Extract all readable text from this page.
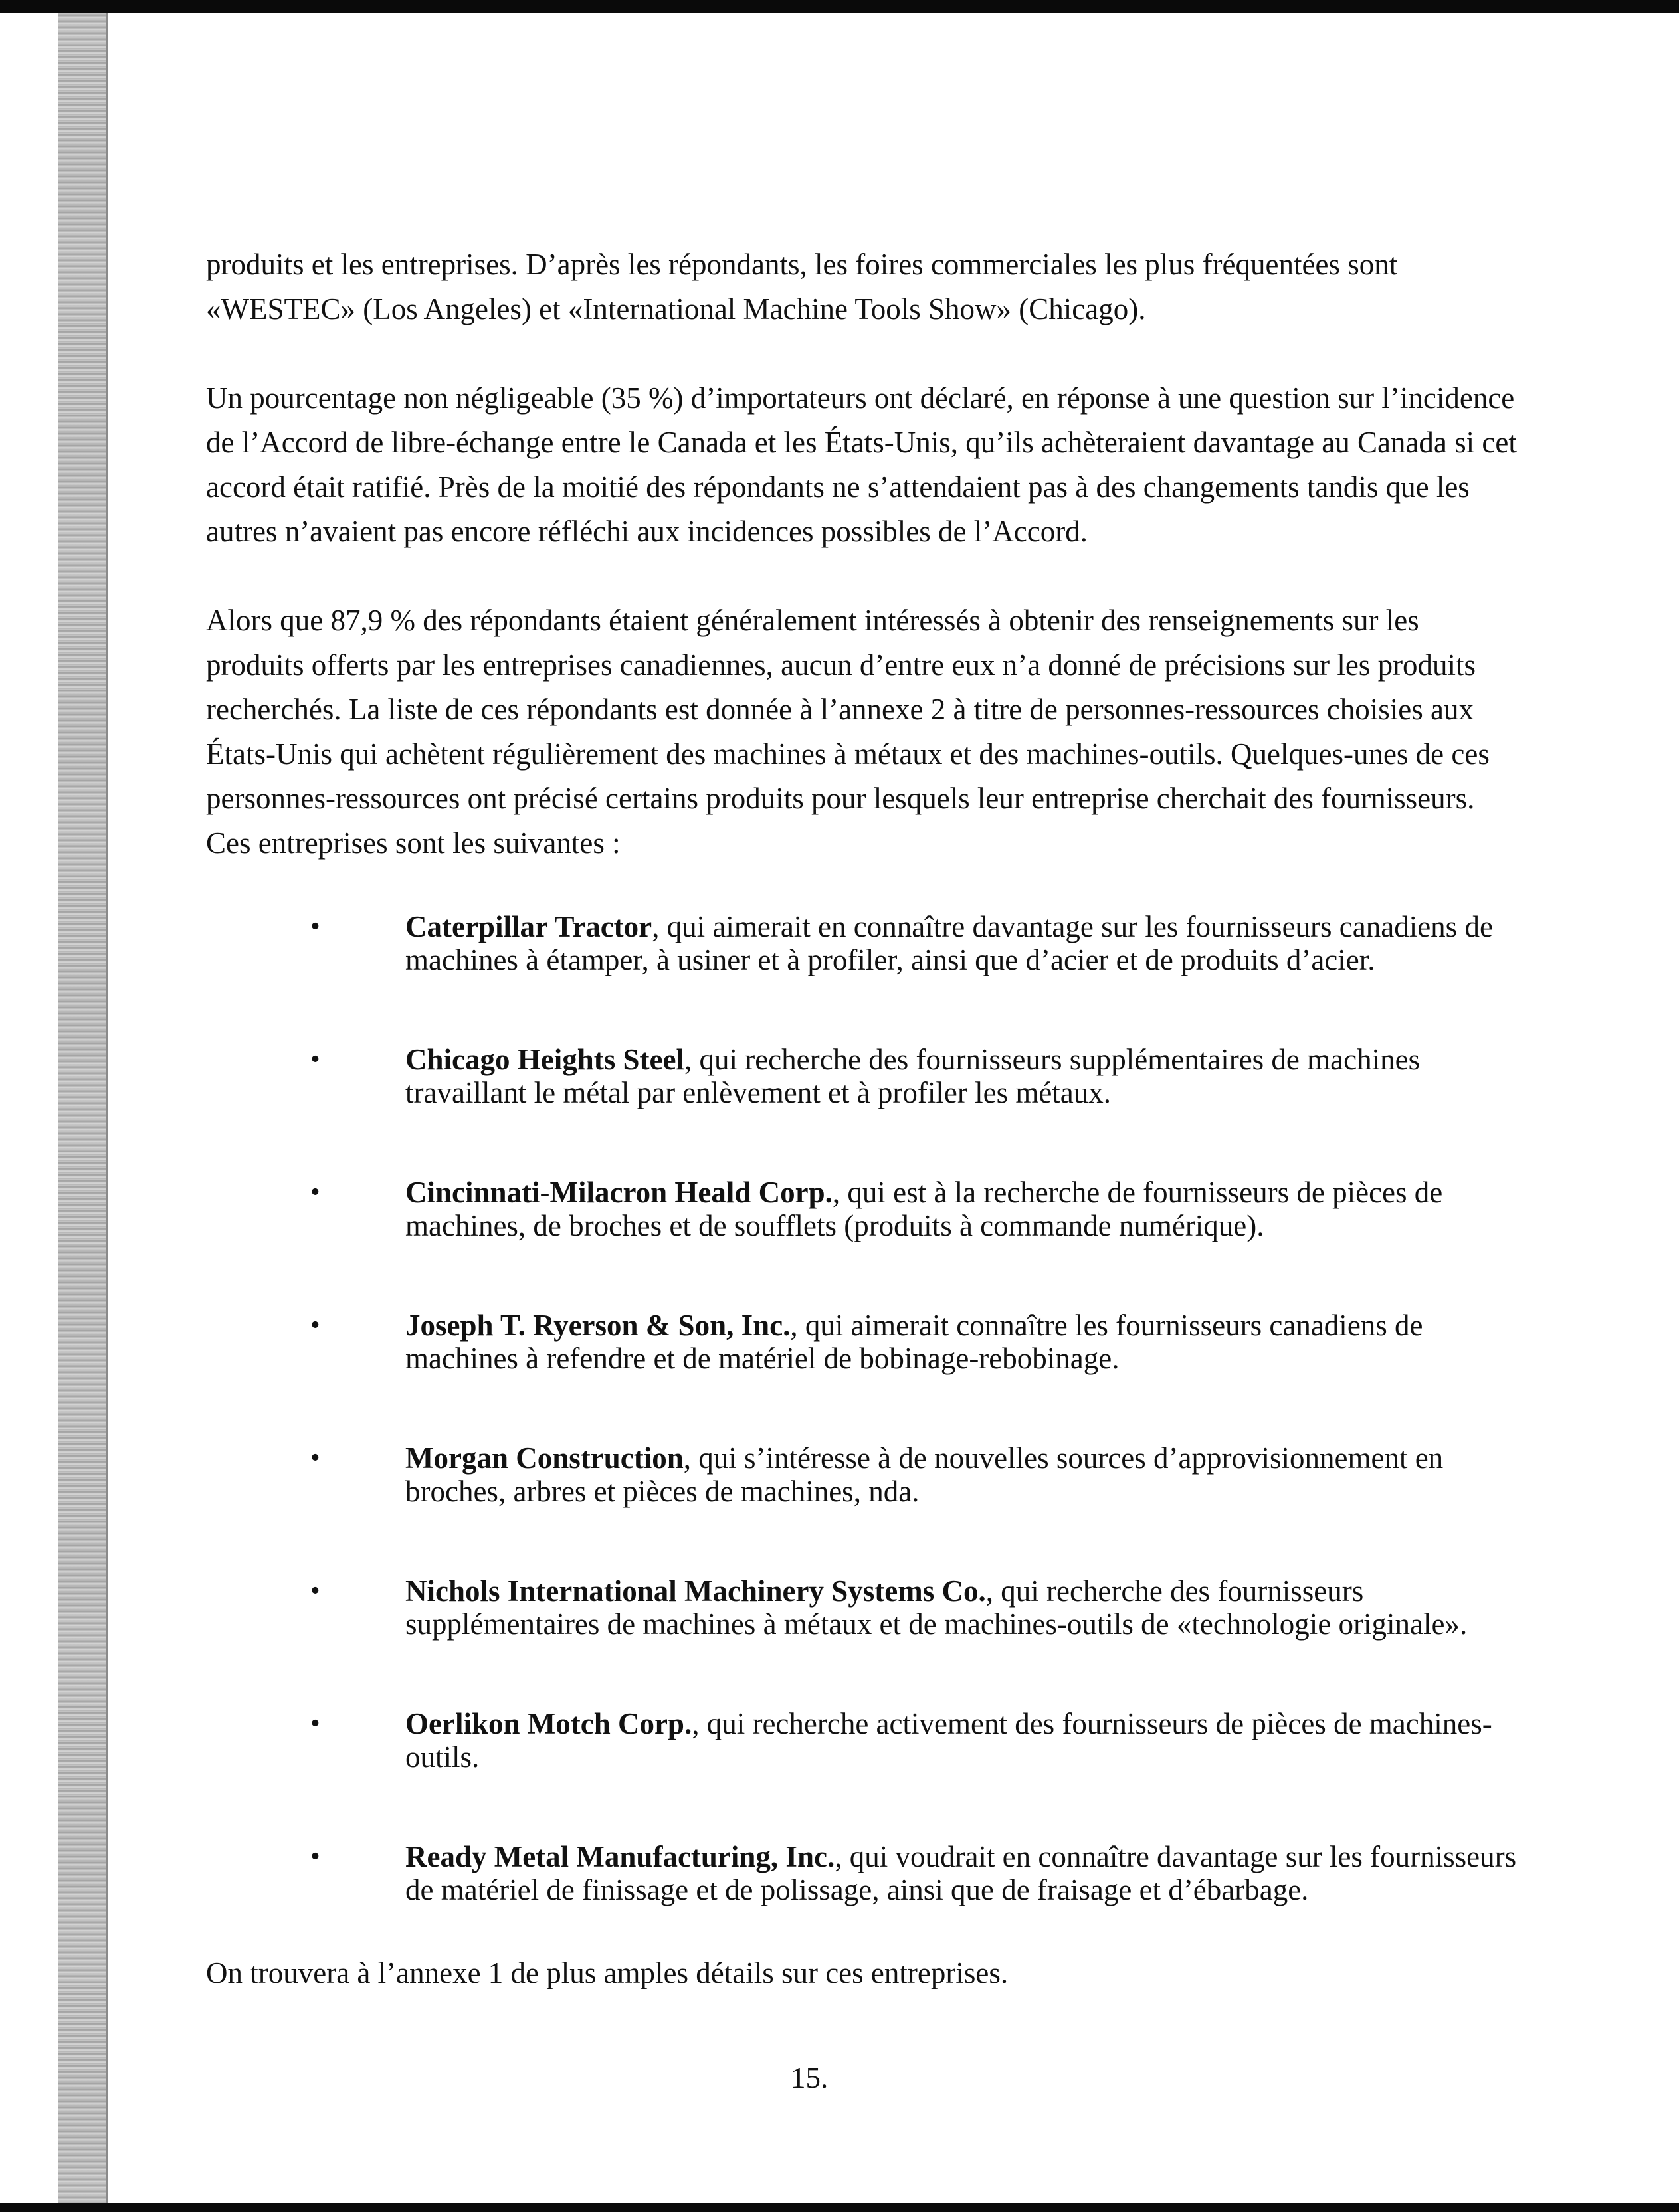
produits et les entreprises. D’après les répondants, les foires commerciales les plus fréquentées sont «WESTEC» (Los Angeles) et «International Machine Tools Show» (Chicago).

Un pourcentage non négligeable (35 %) d’importateurs ont déclaré, en réponse à une question sur l’incidence de l’Accord de libre-échange entre le Canada et les États-Unis, qu’ils achèteraient davantage au Canada si cet accord était ratifié. Près de la moitié des répondants ne s’attendaient pas à des changements tandis que les autres n’avaient pas encore réfléchi aux incidences possibles de l’Accord.

Alors que 87,9 % des répondants étaient généralement intéressés à obtenir des renseignements sur les produits offerts par les entreprises canadiennes, aucun d’entre eux n’a donné de précisions sur les produits recherchés. La liste de ces répondants est donnée à l’annexe 2 à titre de personnes-ressources choisies aux États-Unis qui achètent régulièrement des machines à métaux et des machines-outils. Quelques-unes de ces personnes-ressources ont précisé certains produits pour lesquels leur entreprise cherchait des fournisseurs. Ces entreprises sont les suivantes :

•	Caterpillar Tractor, qui aimerait en connaître davantage sur les fournisseurs canadiens de machines à étamper, à usiner et à profiler, ainsi que d’acier et de produits d’acier.
•	Chicago Heights Steel, qui recherche des fournisseurs supplémentaires de machines travaillant le métal par enlèvement et à profiler les métaux.
•	Cincinnati-Milacron Heald Corp., qui est à la recherche de fournisseurs de pièces de machines, de broches et de soufflets (produits à commande numérique).
•	Joseph T. Ryerson & Son, Inc., qui aimerait connaître les fournisseurs canadiens de machines à refendre et de matériel de bobinage-rebobinage.
•	Morgan Construction, qui s’intéresse à de nouvelles sources d’approvisionnement en broches, arbres et pièces de machines, nda.
•	Nichols International Machinery Systems Co., qui recherche des fournisseurs supplémentaires de machines à métaux et de machines-outils de «technologie originale».
•	Oerlikon Motch Corp., qui recherche activement des fournisseurs de pièces de machines-outils.
•	Ready Metal Manufacturing, Inc., qui voudrait en connaître davantage sur les fournisseurs de matériel de finissage et de polissage, ainsi que de fraisage et d’ébarbage.

On trouvera à l’annexe 1 de plus amples détails sur ces entreprises.

15.
